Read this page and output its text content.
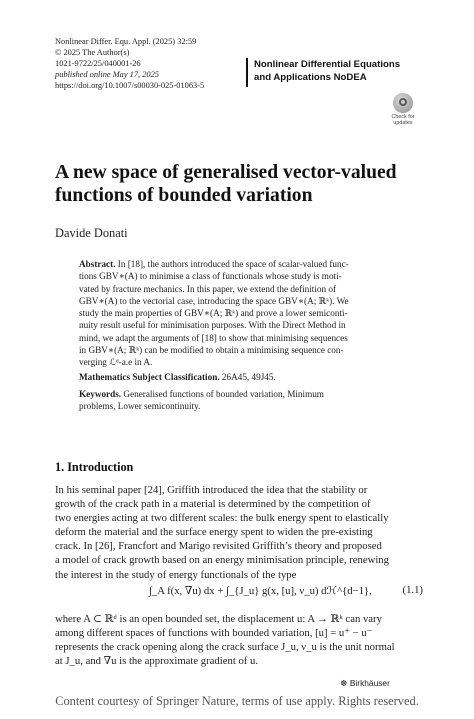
Nonlinear Differ. Equ. Appl. (2025) 32:59
© 2025 The Author(s)
1021-9722/25/040001-26
published online May 17, 2025
https://doi.org/10.1007/s00030-025-01063-5
Nonlinear Differential Equations
and Applications NoDEA
Check for
updates
A new space of generalised vector-valued functions of bounded variation
Davide Donati
Abstract. In [18], the authors introduced the space of scalar-valued func-
tions GBV∗(A) to minimise a class of functionals whose study is moti-
vated by fracture mechanics. In this paper, we extend the definition of
GBV∗(A) to the vectorial case, introducing the space GBV∗(A; ℝᵏ). We
study the main properties of GBV∗(A; ℝᵏ) and prove a lower semiconti-
nuity result useful for minimisation purposes. With the Direct Method in
mind, we adapt the arguments of [18] to show that minimising sequences
in GBV∗(A; ℝᵏ) can be modified to obtain a minimising sequence con-
verging ℒᵈ-a.e in A.
Mathematics Subject Classification. 26A45, 49J45.
Keywords. Generalised functions of bounded variation, Minimum
problems, Lower semicontinuity.
1. Introduction
In his seminal paper [24], Griffith introduced the idea that the stability or
growth of the crack path in a material is determined by the competition of
two energies acting at two different scales: the bulk energy spent to elastically
deform the material and the surface energy spent to widen the pre-existing
crack. In [26], Francfort and Marigo revisited Griffith’s theory and proposed
a model of crack growth based on an energy minimisation principle, renewing
the interest in the study of energy functionals of the type
∫_A f(x, ∇u) dx + ∫_{J_u} g(x, [u], ν_u) dℋ^{d−1},	(1.1)
where A ⊂ ℝᵈ is an open bounded set, the displacement u: A → ℝᵏ can vary
among different spaces of functions with bounded variation, [u] = u⁺ − u⁻
represents the crack opening along the crack surface J_u, ν_u is the unit normal
at J_u, and ∇u is the approximate gradient of u.
☸ Birkhäuser
Content courtesy of Springer Nature, terms of use apply. Rights reserved.
